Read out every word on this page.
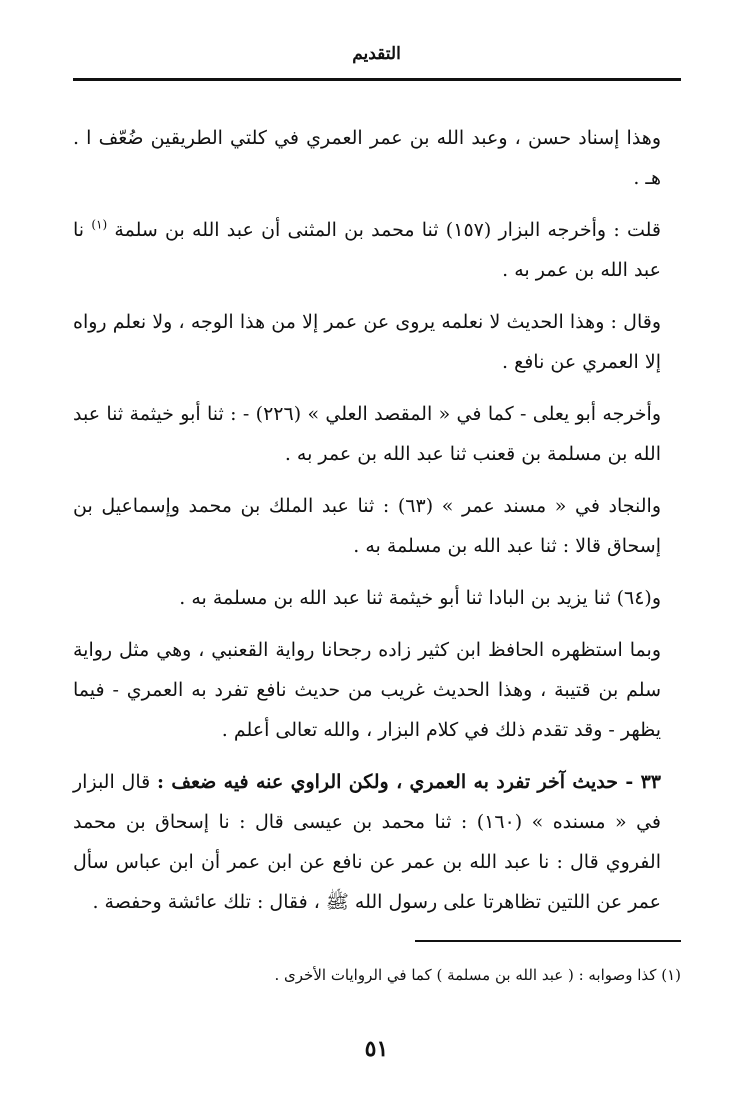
التقديم

وهذا إسناد حسن ، وعبد الله بن عمر العمري في كلتي الطريقين ضُعّف ا . هـ .

قلت : وأخرجه البزار (١٥٧) ثنا محمد بن المثنى أن عبد الله بن سلمة $^{(١)}$ نا عبد الله بن عمر به .

وقال : وهذا الحديث لا نعلمه يروى عن عمر إلا من هذا الوجه ، ولا نعلم رواه إلا العمري عن نافع .

وأخرجه أبو يعلى - كما في « المقصد العلي » (٢٢٦) - : ثنا أبو خيثمة ثنا عبد الله بن مسلمة بن قعنب ثنا عبد الله بن عمر به .

والنجاد في « مسند عمر » (٦٣) : ثنا عبد الملك بن محمد وإسماعيل بن إسحاق قالا : ثنا عبد الله بن مسلمة به .

و(٦٤) ثنا يزيد بن البادا ثنا أبو خيثمة ثنا عبد الله بن مسلمة به .

وبما استظهره الحافظ ابن كثير زاده رجحانا رواية القعنبي ، وهي مثل رواية سلم بن قتيبة ، وهذا الحديث غريب من حديث نافع تفرد به العمري - فيما يظهر - وقد تقدم ذلك في كلام البزار ، والله تعالى أعلم .

٣٣ - حديث آخر تفرد به العمري ، ولكن الراوي عنه فيه ضعف : قال البزار في « مسنده » (١٦٠) : ثنا محمد بن عيسى قال : نا إسحاق بن محمد الفروي قال : نا عبد الله بن عمر عن نافع عن ابن عمر أن ابن عباس سأل عمر عن اللتين تظاهرتا على رسول الله ﷺ ، فقال : تلك عائشة وحفصة .

(١) كذا وصوابه : ( عبد الله بن مسلمة ) كما في الروايات الأخرى .
٥١
